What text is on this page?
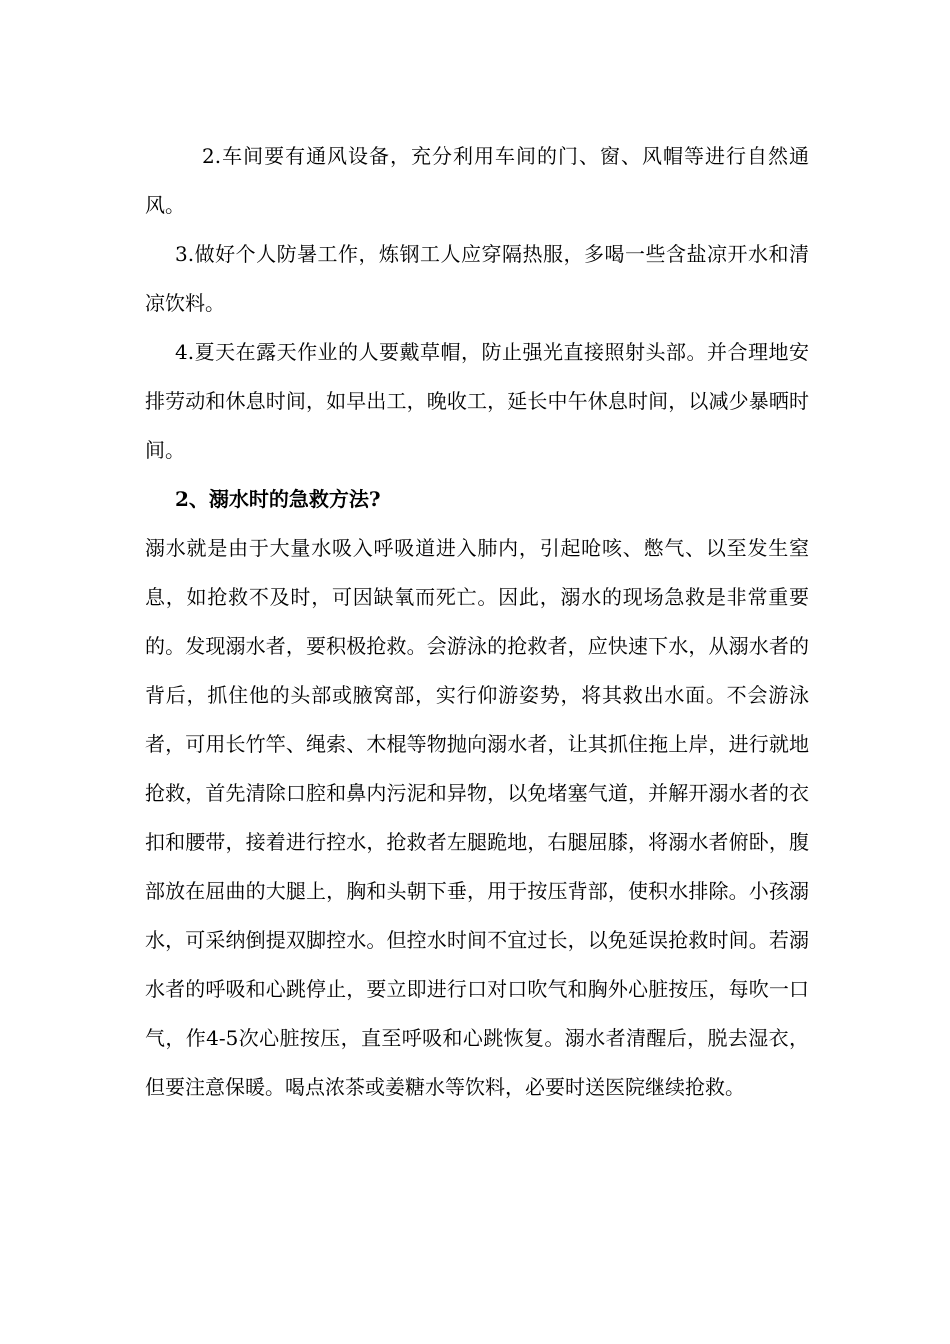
2.车间要有通风设备，充分利用车间的门、窗、风帽等进行自然通风。

3.做好个人防暑工作，炼钢工人应穿隔热服，多喝一些含盐凉开水和清凉饮料。

4.夏天在露天作业的人要戴草帽，防止强光直接照射头部。并合理地安排劳动和休息时间，如早出工，晚收工，延长中午休息时间，以减少暴晒时间。

2、溺水时的急救方法?

溺水就是由于大量水吸入呼吸道进入肺内，引起呛咳、憋气、以至发生窒息，如抢救不及时，可因缺氧而死亡。因此，溺水的现场急救是非常重要的。发现溺水者，要积极抢救。会游泳的抢救者，应快速下水，从溺水者的背后，抓住他的头部或腋窝部，实行仰游姿势，将其救出水面。不会游泳者，可用长竹竿、绳索、木棍等物抛向溺水者，让其抓住拖上岸，进行就地抢救，首先清除口腔和鼻内污泥和异物，以免堵塞气道，并解开溺水者的衣扣和腰带，接着进行控水，抢救者左腿跪地，右腿屈膝，将溺水者俯卧，腹部放在屈曲的大腿上，胸和头朝下垂，用于按压背部，使积水排除。小孩溺水，可采纳倒提双脚控水。但控水时间不宜过长，以免延误抢救时间。若溺水者的呼吸和心跳停止，要立即进行口对口吹气和胸外心脏按压，每吹一口气，作4-5次心脏按压，直至呼吸和心跳恢复。溺水者清醒后，脱去湿衣，但要注意保暖。喝点浓茶或姜糖水等饮料，必要时送医院继续抢救。
